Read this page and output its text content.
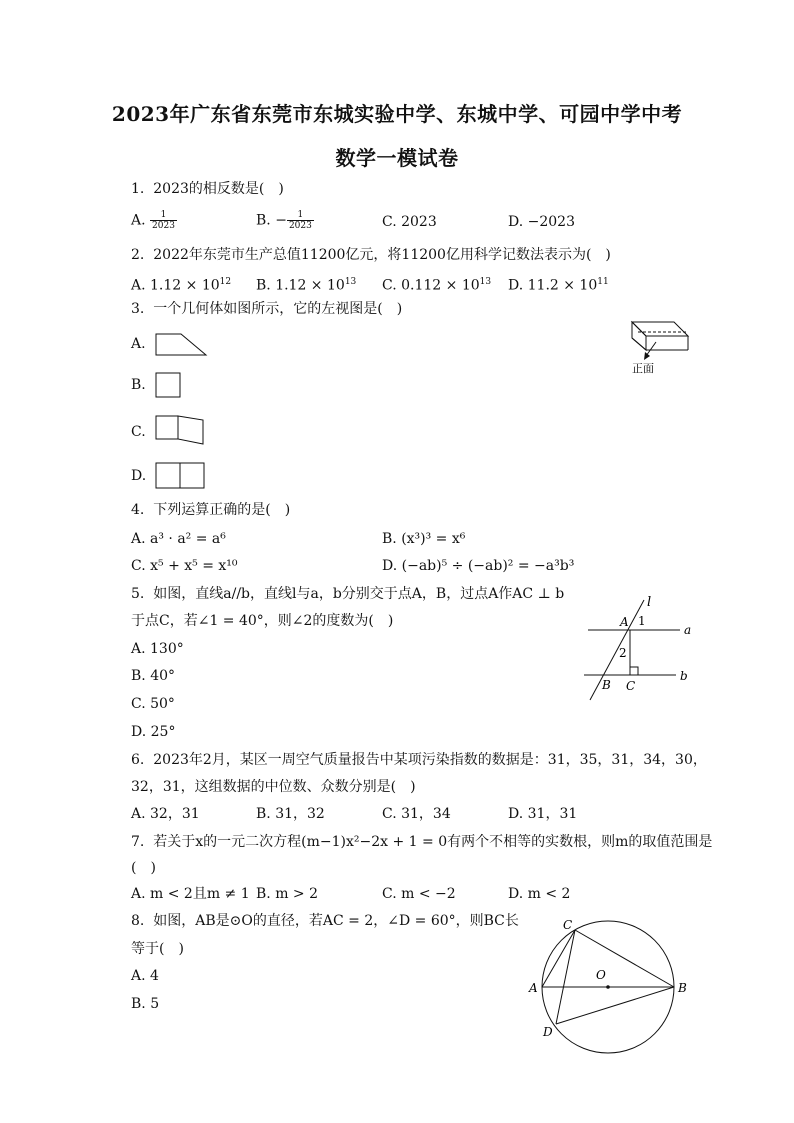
2023年广东省东莞市东城实验中学、东城中学、可园中学中考
数学一模试卷
1. 2023的相反数是(　)
A. $\frac{1}{2023}$	B. − $\frac{1}{2023}$	C. 2023	D. −2023
2. 2022年东莞市生产总值11200亿元，将11200亿用科学记数法表示为(　)
A. $1.12 \times 10^{12}$ B. $1.12 \times 10^{13}$ C. $0.112 \times 10^{13}$ D. $11.2 \times 10^{11}$
3. 一个几何体如图所示，它的左视图是(　)
正面
A.
B.
C.
D.
4. 下列运算正确的是(　)
A. a³ · a² = a⁶	B. (x³)³ = x⁶
C. x⁵ + x⁵ = x¹⁰	D. (−ab)⁵ ÷ (−ab)² = −a³b³
5. 如图，直线a//b，直线l与a，b分别交于点A，B，过点A作AC ⊥ b
于点C，若∠1 = 40°，则∠2的度数为(　)
A. 130°
B. 40°
C. 50°
D. 25°
l
A 1
a
2
B C
b
6. 2023年2月，某区一周空气质量报告中某项污染指数的数据是：31，35，31，34，30，
32，31，这组数据的中位数、众数分别是(　)
A. 32，31	B. 31，32	C. 31，34	D. 31，31
7. 若关于x的一元二次方程(m−1)x²−2x + 1 = 0有两个不相等的实数根，则m的取值范围是
(　)
A. m < 2且m ≠ 1 B. m > 2	C. m < −2	D. m < 2
8. 如图，AB是⊙O的直径，若AC = 2，∠D = 60°，则BC长
等于(　)
A. 4
B. 5
C
O
A	B
D
